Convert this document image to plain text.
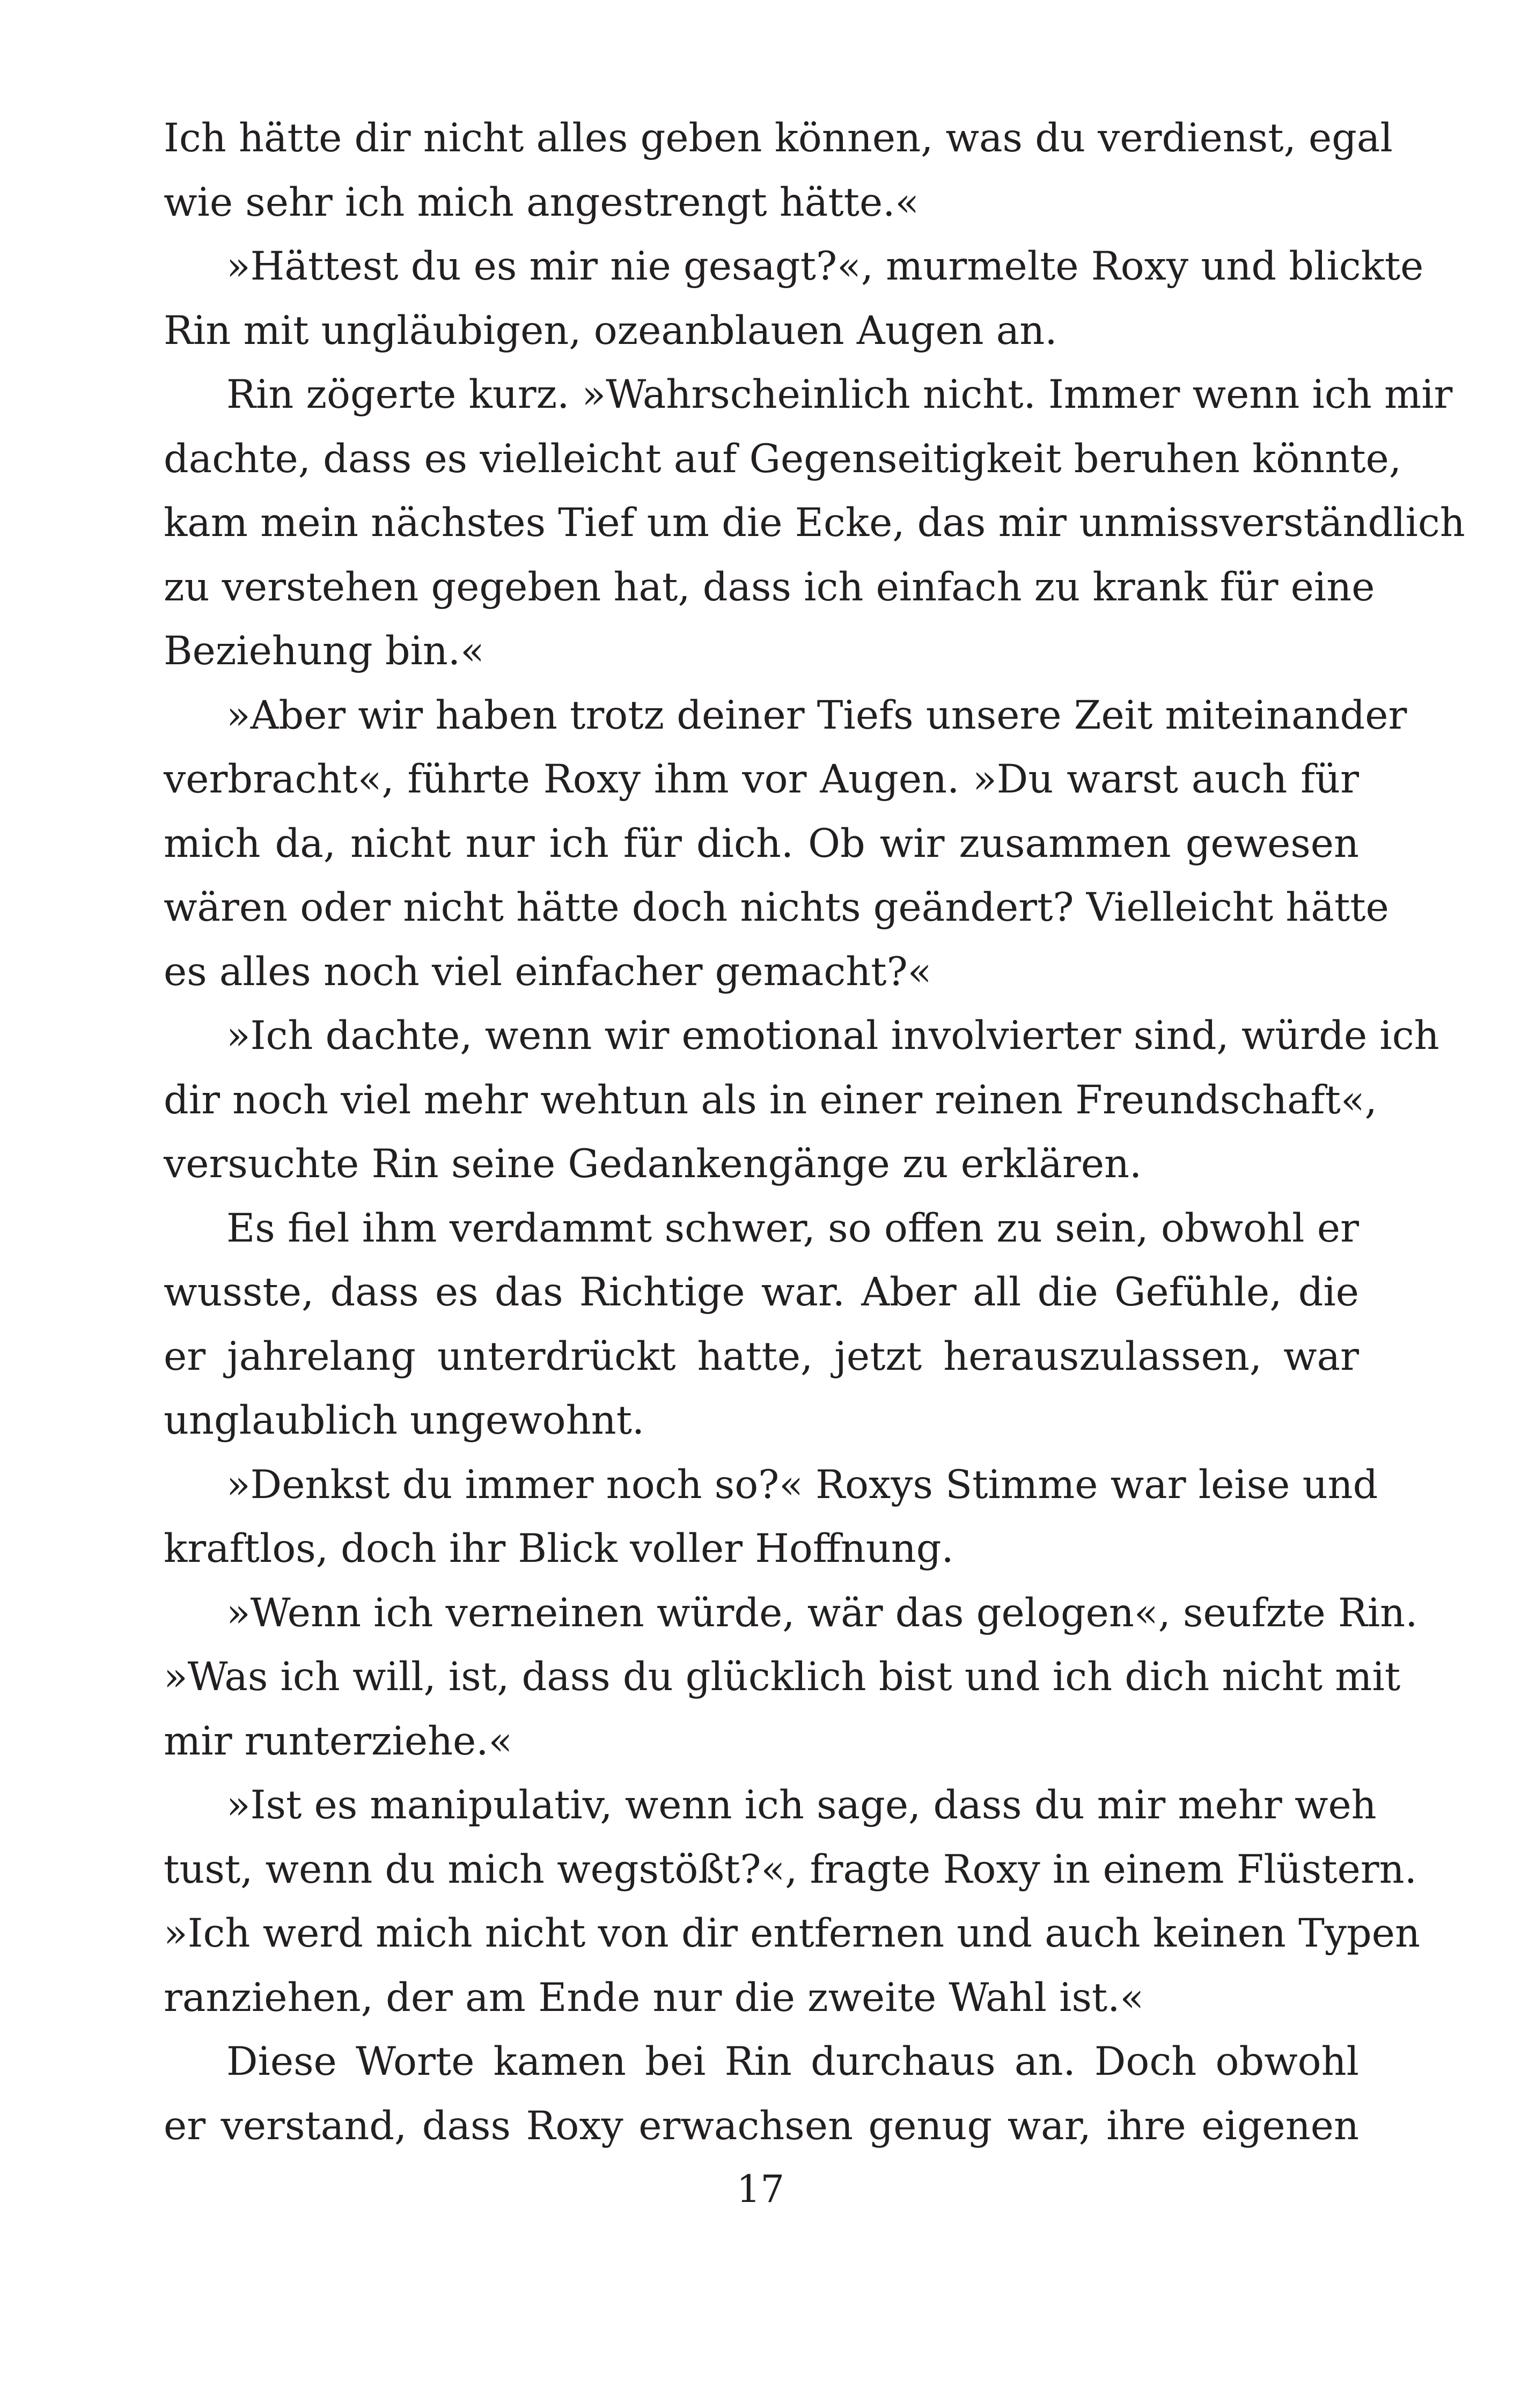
Ich hätte dir nicht alles geben können, was du verdienst, egal
wie sehr ich mich angestrengt hätte.«
»Hättest du es mir nie gesagt?«, murmelte Roxy und blickte
Rin mit ungläubigen, ozeanblauen Augen an.
Rin zögerte kurz. »Wahrscheinlich nicht. Immer wenn ich mir
dachte, dass es vielleicht auf Gegenseitigkeit beruhen könnte,
kam mein nächstes Tief um die Ecke, das mir unmissverständlich
zu verstehen gegeben hat, dass ich einfach zu krank für eine
Beziehung bin.«
»Aber wir haben trotz deiner Tiefs unsere Zeit miteinander
verbracht«, führte Roxy ihm vor Augen. »Du warst auch für
mich da, nicht nur ich für dich. Ob wir zusammen gewesen
wären oder nicht hätte doch nichts geändert? Vielleicht hätte
es alles noch viel einfacher gemacht?«
»Ich dachte, wenn wir emotional involvierter sind, würde ich
dir noch viel mehr wehtun als in einer reinen Freundschaft«,
versuchte Rin seine Gedankengänge zu erklären.
Es fiel ihm verdammt schwer, so offen zu sein, obwohl er
wusste, dass es das Richtige war. Aber all die Gefühle, die
er jahrelang unterdrückt hatte, jetzt herauszulassen, war
unglaublich ungewohnt.
»Denkst du immer noch so?« Roxys Stimme war leise und
kraftlos, doch ihr Blick voller Hoffnung.
»Wenn ich verneinen würde, wär das gelogen«, seufzte Rin.
»Was ich will, ist, dass du glücklich bist und ich dich nicht mit
mir runterziehe.«
»Ist es manipulativ, wenn ich sage, dass du mir mehr weh
tust, wenn du mich wegstößt?«, fragte Roxy in einem Flüstern.
»Ich werd mich nicht von dir entfernen und auch keinen Typen
ranziehen, der am Ende nur die zweite Wahl ist.«
Diese Worte kamen bei Rin durchaus an. Doch obwohl
er verstand, dass Roxy erwachsen genug war, ihre eigenen
17
